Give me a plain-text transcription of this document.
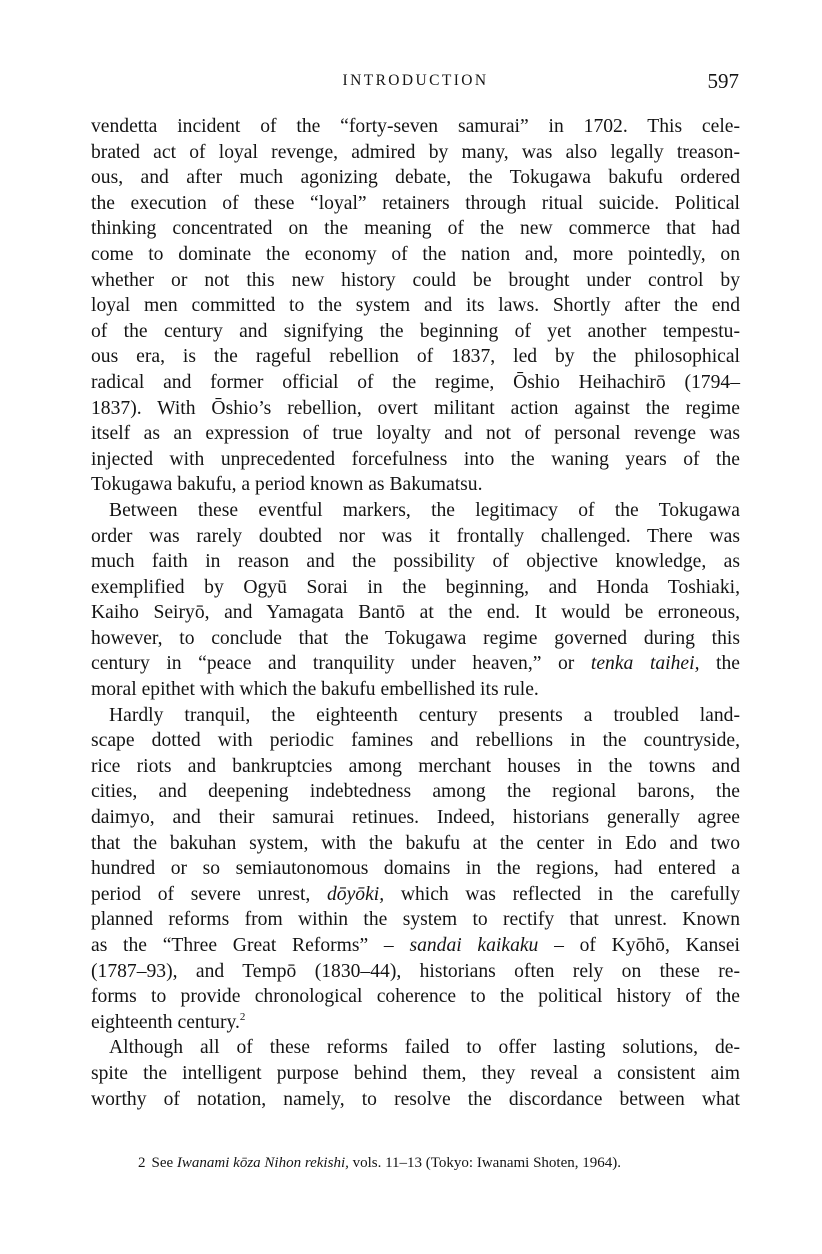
INTRODUCTION	597
vendetta incident of the “forty-seven samurai” in 1702. This cele-
brated act of loyal revenge, admired by many, was also legally treason-
ous, and after much agonizing debate, the Tokugawa bakufu ordered
the execution of these “loyal” retainers through ritual suicide. Political
thinking concentrated on the meaning of the new commerce that had
come to dominate the economy of the nation and, more pointedly, on
whether or not this new history could be brought under control by
loyal men committed to the system and its laws. Shortly after the end
of the century and signifying the beginning of yet another tempestu-
ous era, is the rageful rebellion of 1837, led by the philosophical
radical and former official of the regime, Ōshio Heihachirō (1794–
1837). With Ōshio’s rebellion, overt militant action against the regime
itself as an expression of true loyalty and not of personal revenge was
injected with unprecedented forcefulness into the waning years of the
Tokugawa bakufu, a period known as Bakumatsu.
Between these eventful markers, the legitimacy of the Tokugawa
order was rarely doubted nor was it frontally challenged. There was
much faith in reason and the possibility of objective knowledge, as
exemplified by Ogyū Sorai in the beginning, and Honda Toshiaki,
Kaiho Seiryō, and Yamagata Bantō at the end. It would be erroneous,
however, to conclude that the Tokugawa regime governed during this
century in “peace and tranquility under heaven,” or tenka taihei, the
moral epithet with which the bakufu embellished its rule.
Hardly tranquil, the eighteenth century presents a troubled land-
scape dotted with periodic famines and rebellions in the countryside,
rice riots and bankruptcies among merchant houses in the towns and
cities, and deepening indebtedness among the regional barons, the
daimyo, and their samurai retinues. Indeed, historians generally agree
that the bakuhan system, with the bakufu at the center in Edo and two
hundred or so semiautonomous domains in the regions, had entered a
period of severe unrest, dōyōki, which was reflected in the carefully
planned reforms from within the system to rectify that unrest. Known
as the “Three Great Reforms” – sandai kaikaku – of Kyōhō, Kansei
(1787–93), and Tempō (1830–44), historians often rely on these re-
forms to provide chronological coherence to the political history of the
eighteenth century.$^2$
Although all of these reforms failed to offer lasting solutions, de-
spite the intelligent purpose behind them, they reveal a consistent aim
worthy of notation, namely, to resolve the discordance between what
2 See Iwanami kōza Nihon rekishi, vols. 11–13 (Tokyo: Iwanami Shoten, 1964).
